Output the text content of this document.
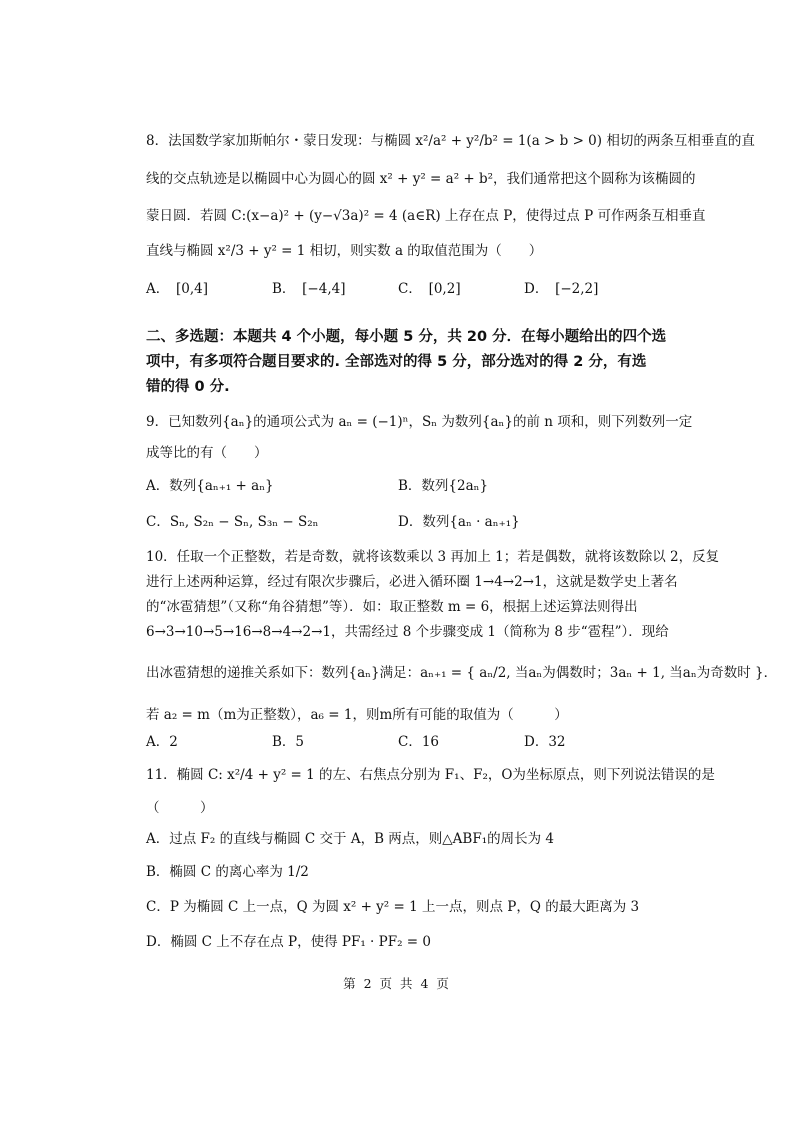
8．法国数学家加斯帕尔・蒙日发现：与椭圆 x²/a² + y²/b² = 1(a > b > 0) 相切的两条互相垂直的直
线的交点轨迹是以椭圆中心为圆心的圆 x² + y² = a² + b²，我们通常把这个圆称为该椭圆的
蒙日圆．若圆 C:(x−a)² + (y−√3a)² = 4 (a∈R) 上存在点 P，使得过点 P 可作两条互相垂直
直线与椭圆 x²/3 + y² = 1 相切，则实数 a 的取值范围为（　　）
A．　[0,4]	B．　[−4,4]	C．　[0,2]	D．　[−2,2]
二、多选题：本题共 4 个小题，每小题 5 分，共 20 分．在每小题给出的四个选
项中，有多项符合题目要求的. 全部选对的得 5 分，部分选对的得 2 分，有选
错的得 0 分.
9．已知数列{aₙ}的通项公式为 aₙ = (−1)ⁿ，Sₙ 为数列{aₙ}的前 n 项和，则下列数列一定
成等比的有（　　）
A．数列{aₙ₊₁ + aₙ}	B．数列{2aₙ}
C．Sₙ, S₂ₙ − Sₙ, S₃ₙ − S₂ₙ	D．数列{aₙ · aₙ₊₁}
10．任取一个正整数，若是奇数，就将该数乘以 3 再加上 1；若是偶数，就将该数除以 2，反复
进行上述两种运算，经过有限次步骤后，必进入循环圈 1→4→2→1，这就是数学史上著名
的“冰雹猜想”（又称“角谷猜想”等）．如：取正整数 m = 6，根据上述运算法则得出
6→3→10→5→16→8→4→2→1，共需经过 8 个步骤变成 1（简称为 8 步“雹程”）．现给
出冰雹猜想的递推关系如下：数列{aₙ}满足：aₙ₊₁ = { aₙ/2, 当aₙ为偶数时；3aₙ + 1, 当aₙ为奇数时 }．
若 a₂ = m（m为正整数），a₆ = 1，则m所有可能的取值为（　　　）
A．2	B．5	C．16	D．32
11．椭圆 C: x²/4 + y² = 1 的左、右焦点分别为 F₁、F₂，O为坐标原点，则下列说法错误的是
（　　　）
A．过点 F₂ 的直线与椭圆 C 交于 A，B 两点，则△ABF₁的周长为 4
B．椭圆 C 的离心率为 1/2
C．P 为椭圆 C 上一点，Q 为圆 x² + y² = 1 上一点，则点 P，Q 的最大距离为 3
D．椭圆 C 上不存在点 P，使得 PF₁ · PF₂ = 0
第 2 页 共 4 页
